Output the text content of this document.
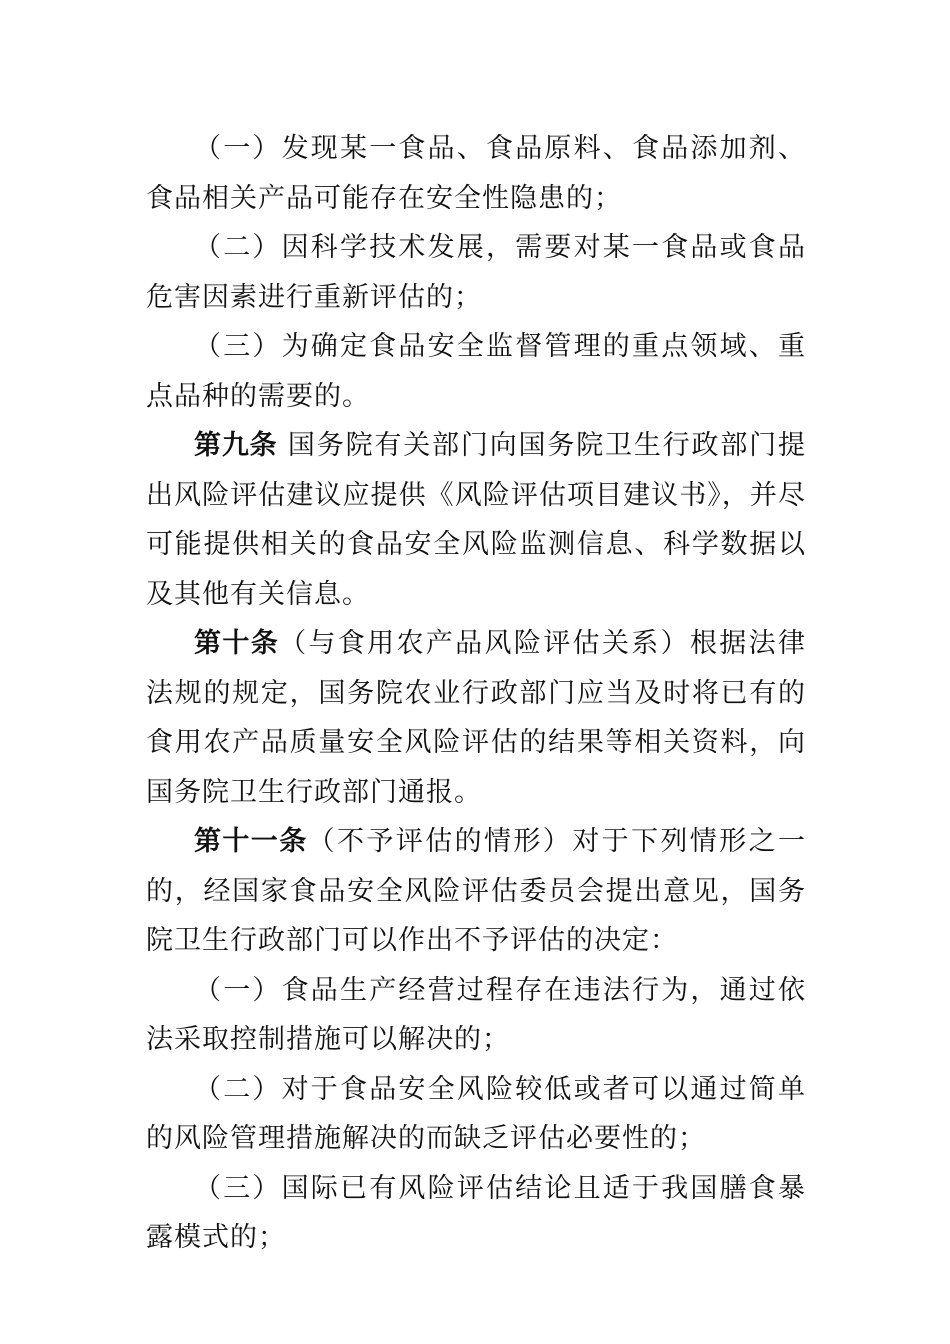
（一）发现某一食品、食品原料、食品添加剂、食品相关产品可能存在安全性隐患的；

（二）因科学技术发展，需要对某一食品或食品危害因素进行重新评估的；

（三）为确定食品安全监督管理的重点领域、重点品种的需要的。

第九条 国务院有关部门向国务院卫生行政部门提出风险评估建议应提供《风险评估项目建议书》，并尽可能提供相关的食品安全风险监测信息、科学数据以及其他有关信息。

第十条（与食用农产品风险评估关系）根据法律法规的规定，国务院农业行政部门应当及时将已有的食用农产品质量安全风险评估的结果等相关资料，向国务院卫生行政部门通报。

第十一条（不予评估的情形）对于下列情形之一的，经国家食品安全风险评估委员会提出意见，国务院卫生行政部门可以作出不予评估的决定：

（一）食品生产经营过程存在违法行为，通过依法采取控制措施可以解决的；

（二）对于食品安全风险较低或者可以通过简单的风险管理措施解决的而缺乏评估必要性的；

（三）国际已有风险评估结论且适于我国膳食暴露模式的；
